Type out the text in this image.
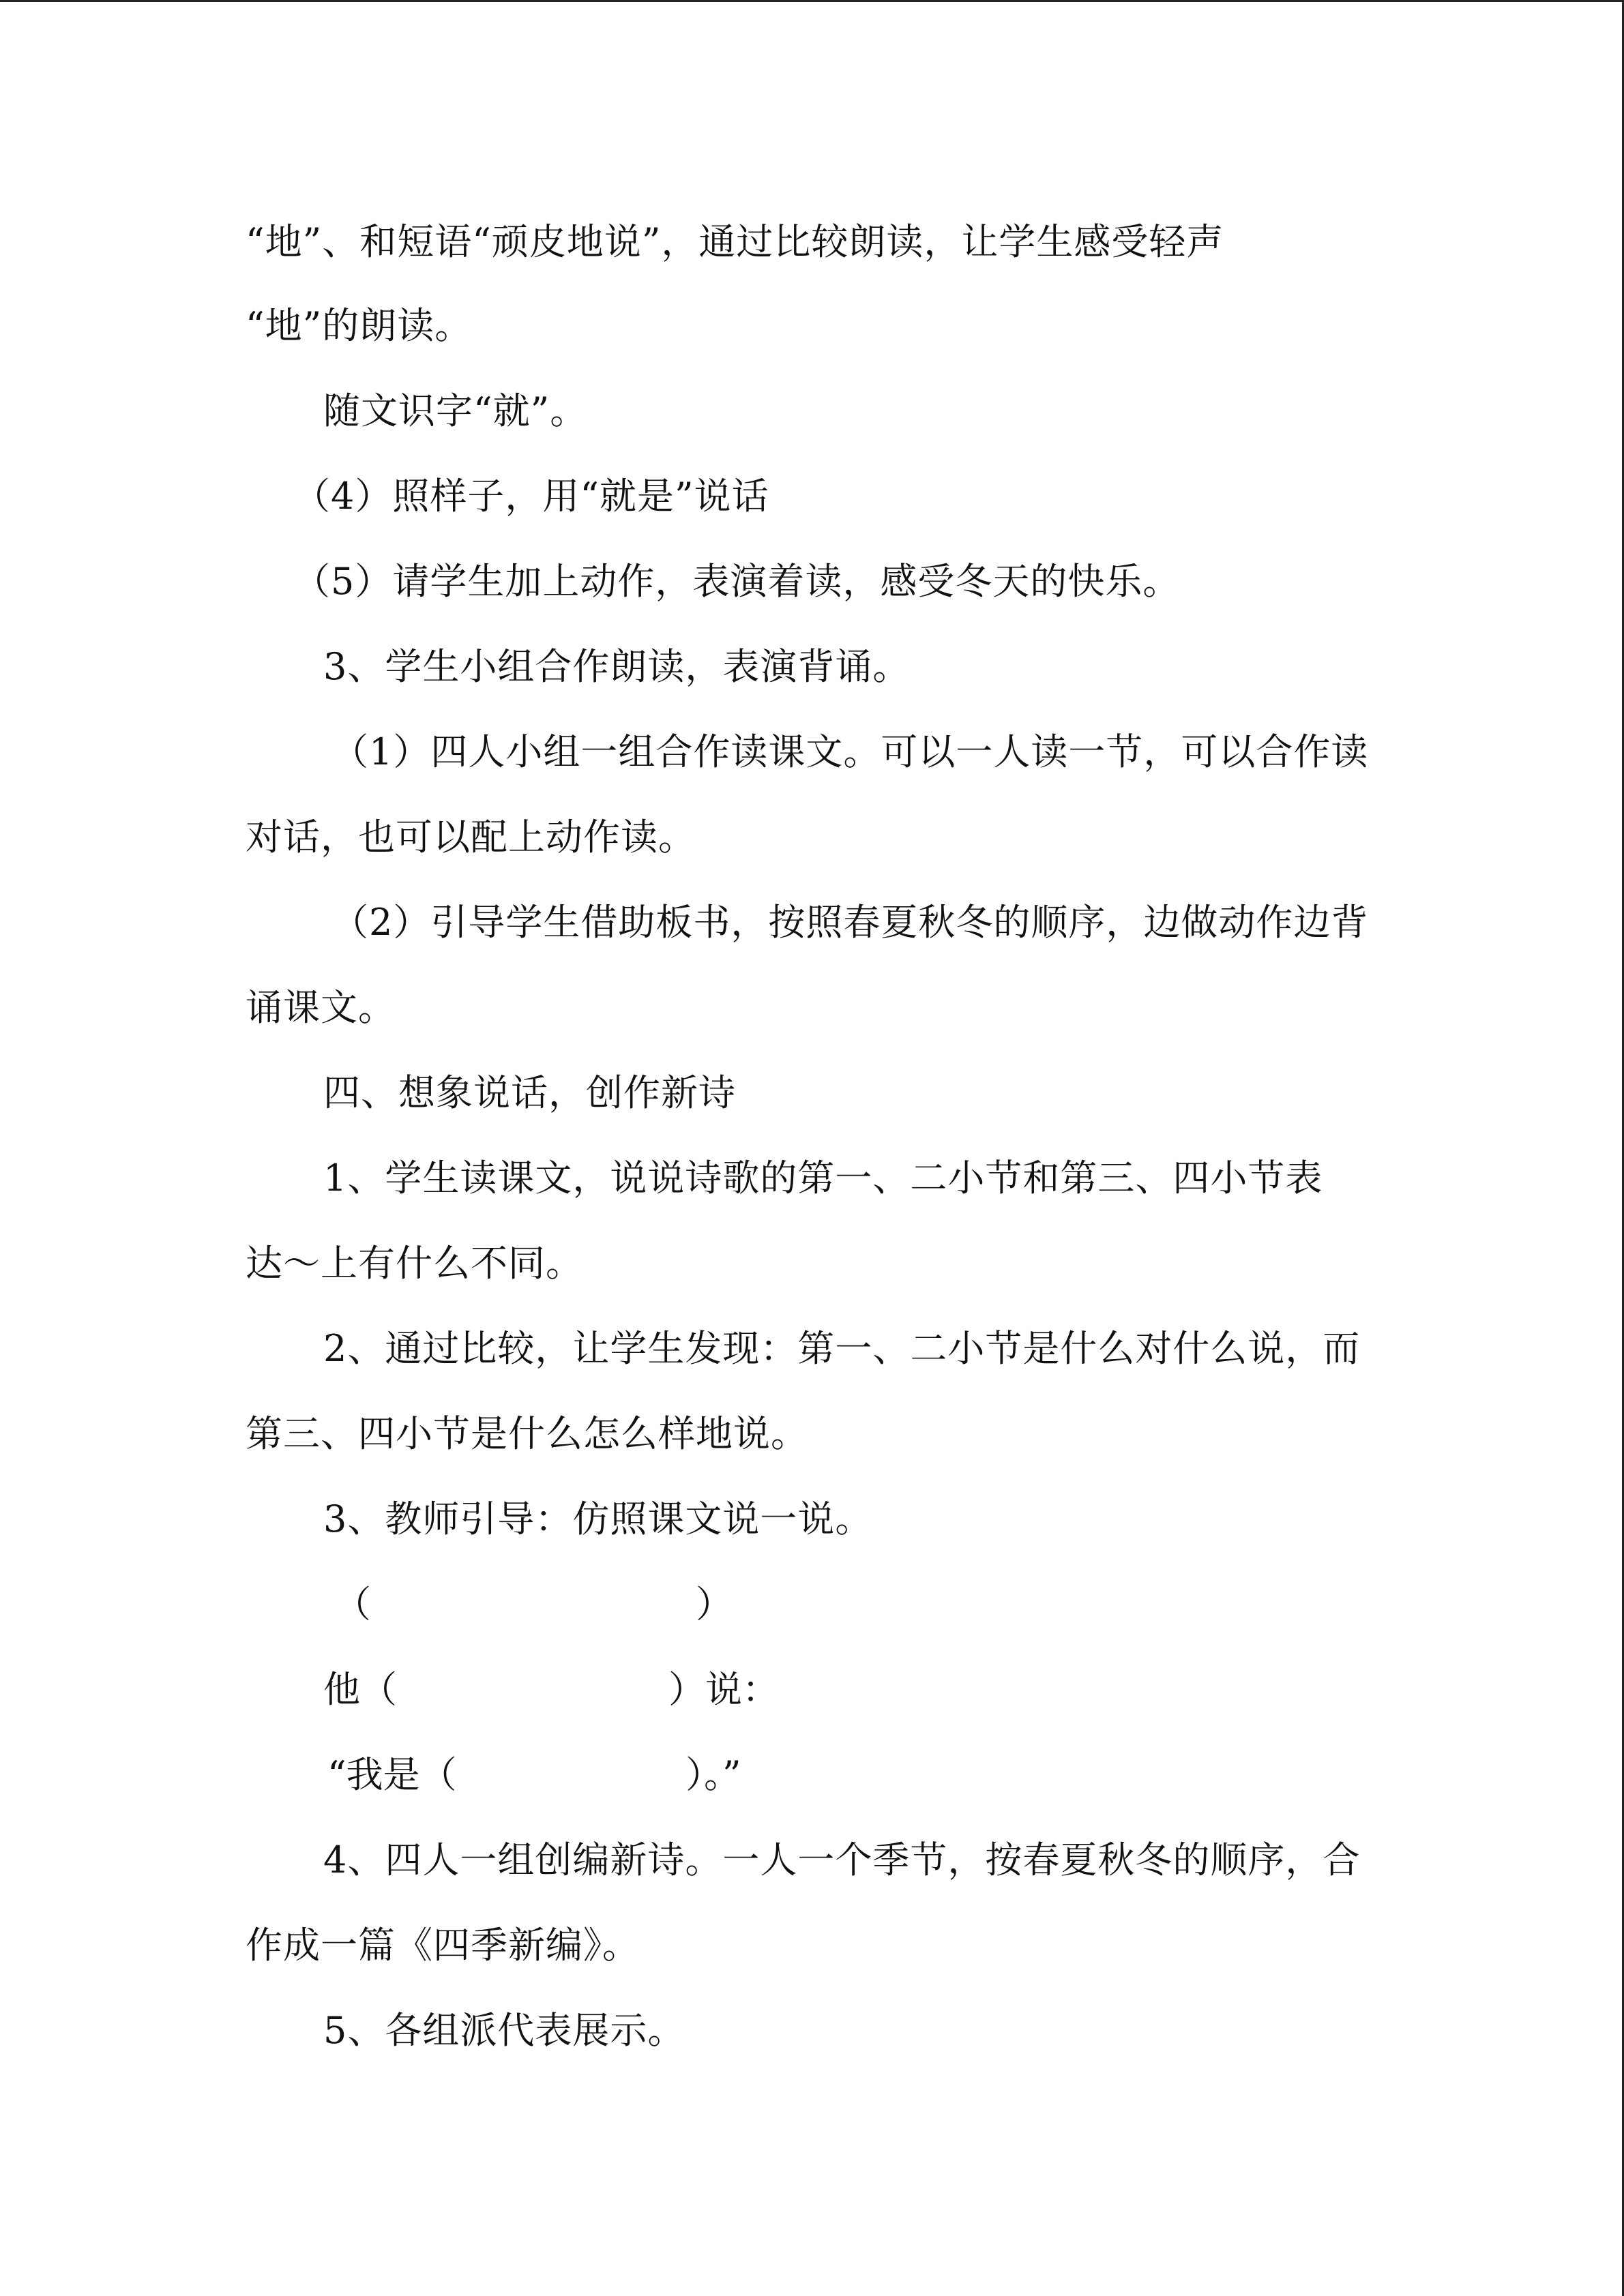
“地”、和短语“顽皮地说”，通过比较朗读，让学生感受轻声
“地”的朗读。
随文识字“就”。
（4）照样子，用“就是”说话
（5）请学生加上动作，表演着读，感受冬天的快乐。
3、学生小组合作朗读，表演背诵。
（1）四人小组一组合作读课文。可以一人读一节，可以合作读
对话，也可以配上动作读。
（2）引导学生借助板书，按照春夏秋冬的顺序，边做动作边背
诵课文。
四、想象说话，创作新诗
1、学生读课文，说说诗歌的第一、二小节和第三、四小节表
达～上有什么不同。
2、通过比较，让学生发现：第一、二小节是什么对什么说，而
第三、四小节是什么怎么样地说。
3、教师引导：仿照课文说一说。
（	）
他（	）说：
“我是（	）。”
4、四人一组创编新诗。一人一个季节，按春夏秋冬的顺序，合
作成一篇《四季新编》。
5、各组派代表展示。
